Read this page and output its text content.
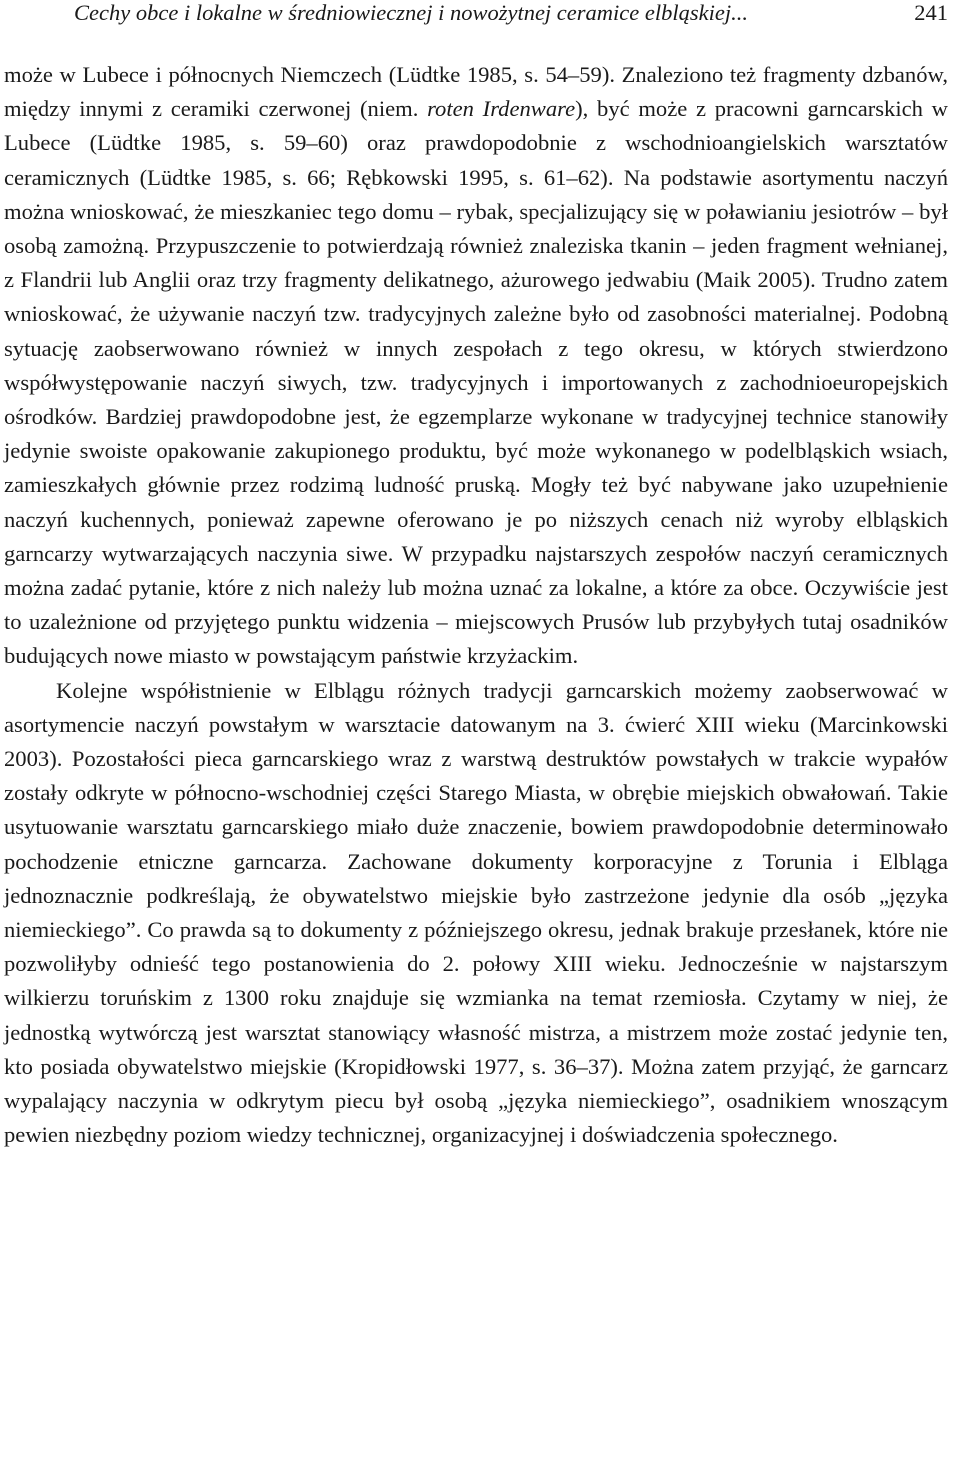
Cechy obce i lokalne w średniowiecznej i nowożytnej ceramice elbląskiej...	241

może w Lubece i północnych Niemczech (Lüdtke 1985, s. 54–59). Znaleziono też fragmenty dzbanów, między innymi z ceramiki czerwonej (niem. roten Irdenware), być może z pracowni garncarskich w Lubece (Lüdtke 1985, s. 59–60) oraz prawdopodobnie z wschodnioangielskich warsztatów ceramicznych (Lüdtke 1985, s. 66; Rębkowski 1995, s. 61–62). Na podstawie asortymentu naczyń można wnioskować, że mieszkaniec tego domu – rybak, specjalizujący się w poławianiu jesiotrów – był osobą zamożną. Przypuszczenie to potwierdzają również znaleziska tkanin – jeden fragment wełnianej, z Flandrii lub Anglii oraz trzy fragmenty delikatnego, ażurowego jedwabiu (Maik 2005). Trudno zatem wnioskować, że używanie naczyń tzw. tradycyjnych zależne było od zasobności materialnej. Podobną sytuację zaobserwowano również w innych zespołach z tego okresu, w których stwierdzono współwystępowanie naczyń siwych, tzw. tradycyjnych i importowanych z zachodnioeuropejskich ośrodków. Bardziej prawdopodobne jest, że egzemplarze wykonane w tradycyjnej technice stanowiły jedynie swoiste opakowanie zakupionego produktu, być może wykonanego w podelbląskich wsiach, zamieszkałych głównie przez rodzimą ludność pruską. Mogły też być nabywane jako uzupełnienie naczyń kuchennych, ponieważ zapewne oferowano je po niższych cenach niż wyroby elbląskich garncarzy wytwarzających naczynia siwe. W przypadku najstarszych zespołów naczyń ceramicznych można zadać pytanie, które z nich należy lub można uznać za lokalne, a które za obce. Oczywiście jest to uzależnione od przyjętego punktu widzenia – miejscowych Prusów lub przybyłych tutaj osadników budujących nowe miasto w powstającym państwie krzyżackim.

Kolejne współistnienie w Elblągu różnych tradycji garncarskich możemy zaobserwować w asortymencie naczyń powstałym w warsztacie datowanym na 3. ćwierć XIII wieku (Marcinkowski 2003). Pozostałości pieca garncarskiego wraz z warstwą destruktów powstałych w trakcie wypałów zostały odkryte w północno-wschodniej części Starego Miasta, w obrębie miejskich obwałowań. Takie usytuowanie warsztatu garncarskiego miało duże znaczenie, bowiem prawdopodobnie determinowało pochodzenie etniczne garncarza. Zachowane dokumenty korporacyjne z Torunia i Elbląga jednoznacznie podkreślają, że obywatelstwo miejskie było zastrzeżone jedynie dla osób „języka niemieckiego”. Co prawda są to dokumenty z późniejszego okresu, jednak brakuje przesłanek, które nie pozwoliłyby odnieść tego postanowienia do 2. połowy XIII wieku. Jednocześnie w najstarszym wilkierzu toruńskim z 1300 roku znajduje się wzmianka na temat rzemiosła. Czytamy w niej, że jednostką wytwórczą jest warsztat stanowiący własność mistrza, a mistrzem może zostać jedynie ten, kto posiada obywatelstwo miejskie (Kropidłowski 1977, s. 36–37). Można zatem przyjąć, że garncarz wypalający naczynia w odkrytym piecu był osobą „języka niemieckiego”, osadnikiem wnoszącym pewien niezbędny poziom wiedzy technicznej, organizacyjnej i doświadczenia społecznego.
